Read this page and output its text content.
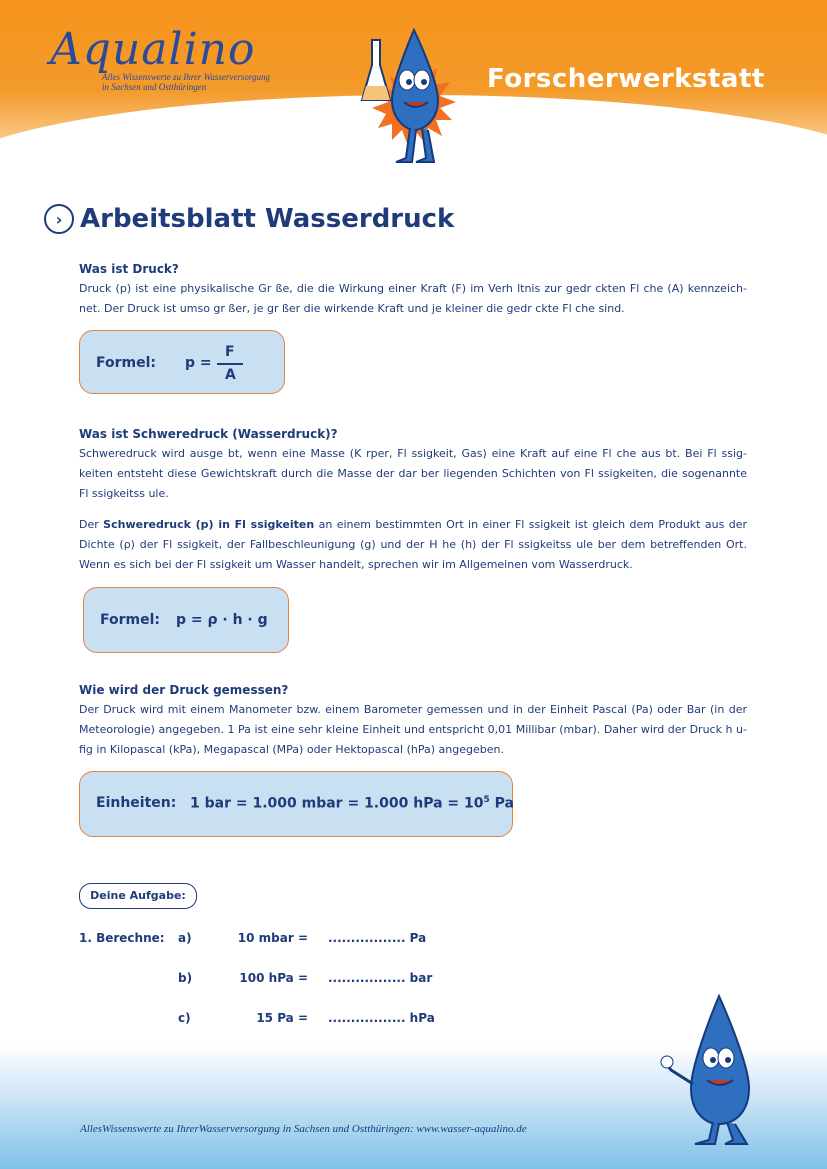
Aqualino
Alles Wissenswerte zu Ihrer Wasserversorgung
in Sachsen und Ostthüringen	Forscherwerkstatt
› Arbeitsblatt Wasserdruck
Was ist Druck?
Druck (p) ist eine physikalische Gr ße, die die Wirkung einer Kraft (F) im Verh ltnis zur gedr ckten Fl che (A) kennzeich-net. Der Druck ist umso gr ßer, je gr ßer die wirkende Kraft und je kleiner die gedr ckte Fl che sind.
Formel: p =
F
A
Was ist Schweredruck (Wasserdruck)?
Schweredruck wird ausge bt, wenn eine Masse (K rper, Fl ssigkeit, Gas) eine Kraft auf eine Fl che aus bt. Bei Fl ssig-keiten entsteht diese Gewichtskraft durch die Masse der dar ber liegenden Schichten von Fl ssigkeiten, die sogenannte Fl ssigkeitss ule.
Der Schweredruck (p) in Fl ssigkeiten an einem bestimmten Ort in einer Fl ssigkeit ist gleich dem Produkt aus der Dichte (ρ) der Fl ssigkeit, der Fallbeschleunigung (g) und der H he (h) der Fl ssigkeitss ule ber dem betreffenden Ort. Wenn es sich bei der Fl ssigkeit um Wasser handelt, sprechen wir im Allgemeinen vom Wasserdruck.
Formel: p = ρ · h · g
Wie wird der Druck gemessen?
Der Druck wird mit einem Manometer bzw. einem Barometer gemessen und in der Einheit Pascal (Pa) oder Bar (in der Meteorologie) angegeben. 1 Pa ist eine sehr kleine Einheit und entspricht 0,01 Millibar (mbar). Daher wird der Druck h u-fig in Kilopascal (kPa), Megapascal (MPa) oder Hektopascal (hPa) angegeben.
Einheiten: 1 bar = 1.000 mbar = 1.000 hPa = $10^5$ Pa
Deine Aufgabe:
1. Berechne: a)	10 mbar = ................. Pa
b)	100 hPa = ................. bar
c)	15 Pa = ................. hPa
AllesWissenswerte zu IhrerWasserversorgung in Sachsen und Ostthüringen: www.wasser-aqualino.de
